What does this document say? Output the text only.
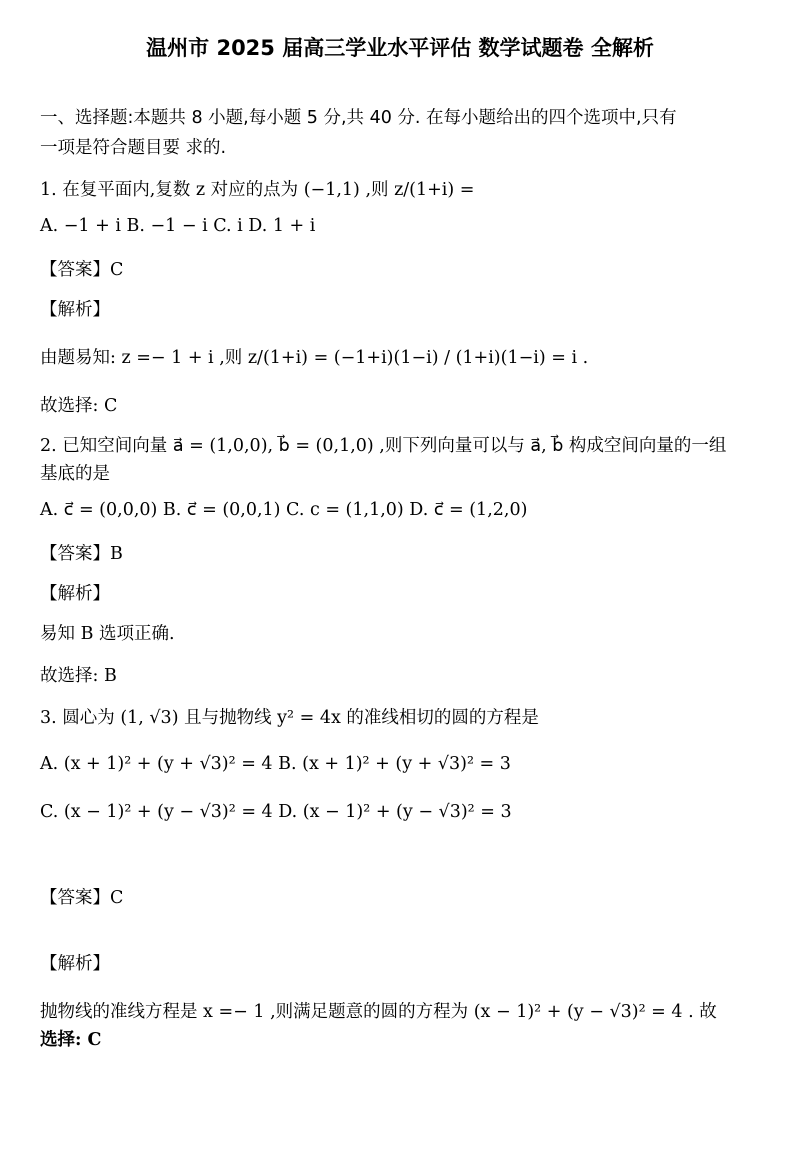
温州市 2025 届高三学业水平评估 数学试题卷 全解析
一、选择题:本题共 8 小题,每小题 5 分,共 40 分. 在每小题给出的四个选项中,只有
一项是符合题目要 求的.
1. 在复平面内,复数 z 对应的点为 (−1,1) ,则 z/(1+i) =
A. −1 + i B. −1 − i C. i D. 1 + i
【答案】C
【解析】
由题易知: z =− 1 + i ,则 z/(1+i) = (−1+i)(1−i) / (1+i)(1−i) = i .
故选择: C
2. 已知空间向量 a⃗ = (1,0,0), b⃗ = (0,1,0) ,则下列向量可以与 a⃗, b⃗ 构成空间向量的一组
基底的是
A. c⃗ = (0,0,0) B. c⃗ = (0,0,1) C. c = (1,1,0) D. c⃗ = (1,2,0)
【答案】B
【解析】
易知 B 选项正确.
故选择: B
3. 圆心为 (1, √3) 且与抛物线 y² = 4x 的准线相切的圆的方程是
A. (x + 1)² + (y + √3)² = 4 B. (x + 1)² + (y + √3)² = 3
C. (x − 1)² + (y − √3)² = 4 D. (x − 1)² + (y − √3)² = 3
【答案】C
【解析】
抛物线的准线方程是 x =− 1 ,则满足题意的圆的方程为 (x − 1)² + (y − √3)² = 4 . 故
选择: C
